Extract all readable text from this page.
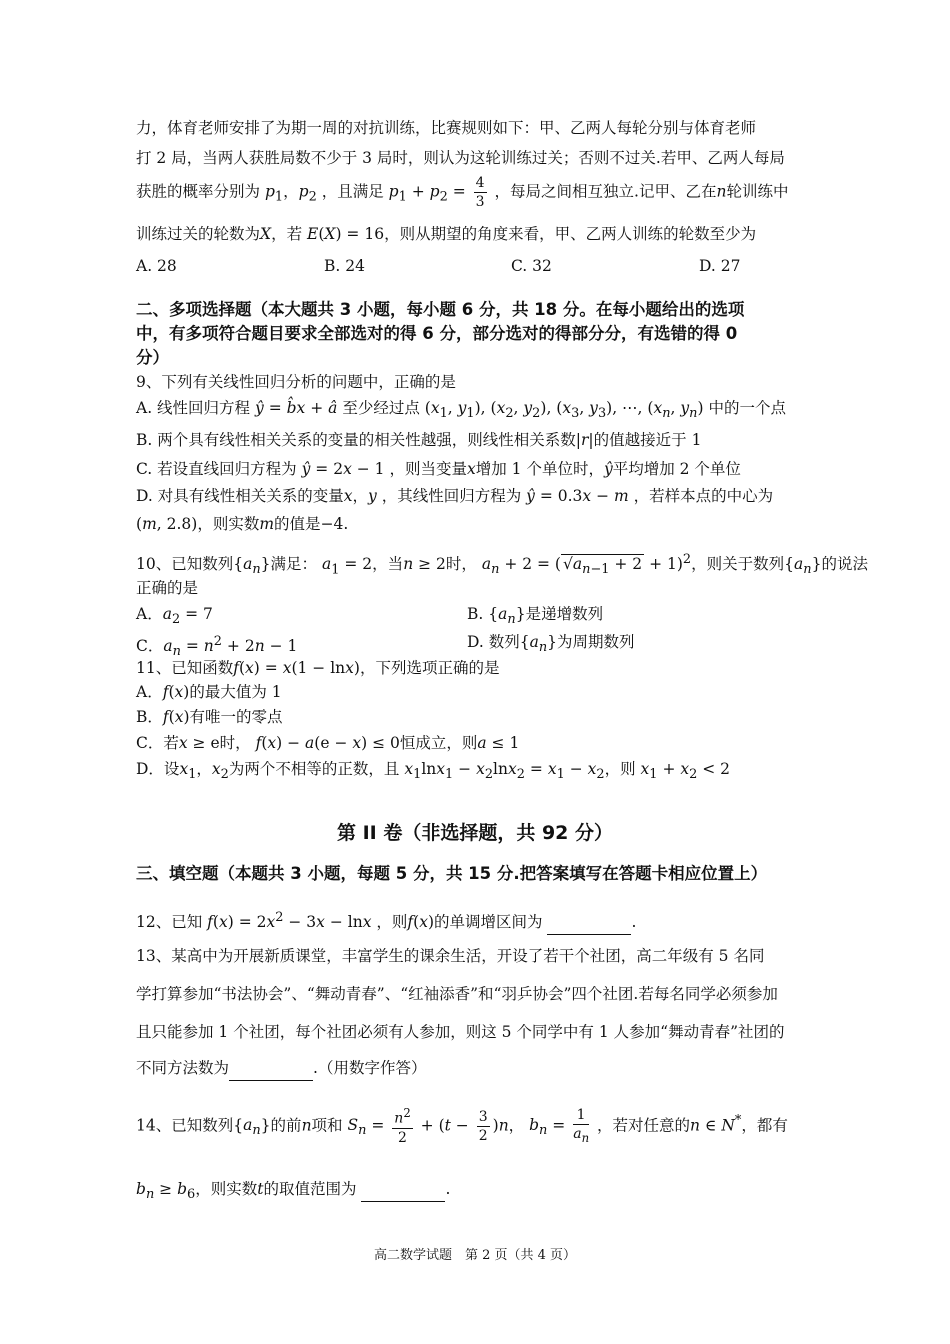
力，体育老师安排了为期一周的对抗训练，比赛规则如下：甲、乙两人每轮分别与体育老师
打 2 局，当两人获胜局数不少于 3 局时，则认为这轮训练过关；否则不过关.若甲、乙两人每局
获胜的概率分别为 $p_1$，$p_2$ ，且满足 $p_1 + p_2 = \frac{4}{3}$ ，每局之间相互独立.记甲、乙在n轮训练中
训练过关的轮数为X，若 E(X) = 16，则从期望的角度来看，甲、乙两人训练的轮数至少为
A. 28	B. 24	C. 32	D. 27
二、多项选择题（本大题共 3 小题，每小题 6 分，共 18 分。在每小题给出的选项
中，有多项符合题目要求全部选对的得 6 分，部分选对的得部分分，有选错的得 0
分）
9、下列有关线性回归分析的问题中，正确的是
A. 线性回归方程 ŷ = b̂x + â 至少经过点 ($x_1$, $y_1$), ($x_2$, $y_2$), ($x_3$, $y_3$), ⋯, ($x_n$, $y_n$) 中的一个点
B. 两个具有线性相关关系的变量的相关性越强，则线性相关系数|r|的值越接近于 1
C. 若设直线回归方程为 ŷ = 2x − 1 ，则当变量x增加 1 个单位时，ŷ平均增加 2 个单位
D. 对具有线性相关关系的变量x，y ，其线性回归方程为 ŷ = 0.3x − m ，若样本点的中心为
(m, 2.8)，则实数m的值是−4.
10、已知数列$\{a_n\}$满足： $a_1 = 2$，当n ≥ 2时， $a_n + 2$ = ( $√a_{n-1} + 2 + 1)^2$，则关于数列$\{a_n\}$的说法
正确的是
A．$a_2 = 7$	B. $\{a_n\}$是递增数列
C．$a_n = n^2 + 2n - 1$	D. 数列$\{a_n\}$为周期数列
11、已知函数f(x) = x(1 − lnx)，下列选项正确的是
A．f(x)的最大值为 1
B．f(x)有唯一的零点
C．若x ≥ e时， f(x) − a(e − x) ≤ 0恒成立，则a ≤ 1
D．设$x_1$，$x_2$为两个不相等的正数，且 $x_1\ln x_1 - x_2\ln x_2 = x_1 - x_2$，则 $x_1 + x_2 < 2$
第 II 卷（非选择题，共 92 分）
三、填空题（本题共 3 小题，每题 5 分，共 15 分.把答案填写在答题卡相应位置上）
12、已知 $f(x) = 2x^2 - 3x - \ln x$ ，则f(x)的单调增区间为	.
13、某高中为开展新质课堂，丰富学生的课余生活，开设了若干个社团，高二年级有 5 名同
学打算参加“书法协会”、“舞动青春”、“红袖添香”和“羽乒协会”四个社团.若每名同学必须参加
且只能参加 1 个社团，每个社团必须有人参加，则这 5 个同学中有 1 人参加“舞动青春”社团的
不同方法数为	.（用数字作答）
14、已知数列$\{a_n\}$的前n项和 $S_n = \frac{n^2}{2} + (t - \frac{3}{2} )n$， $b_n = \frac{1}{a_n}$ ，若对任意的n ∈ N*，都有
$b_n \ge b_6$，则实数t的取值范围为	.
高二数学试题　第 2 页（共 4 页）
